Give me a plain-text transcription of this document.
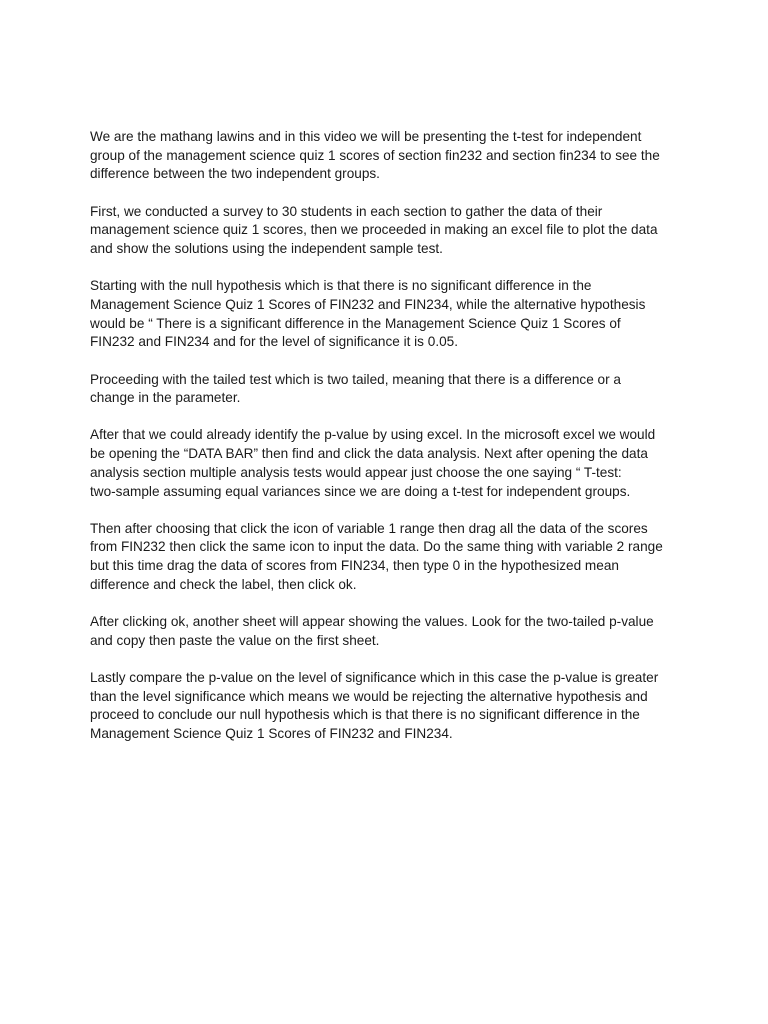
We are the mathang lawins and in this video we will be presenting the t-test for independent
group of the management science quiz 1 scores of section fin232 and section fin234 to see the
difference between the two independent groups.

First, we conducted a survey to 30 students in each section to gather the data of their
management science quiz 1 scores, then we proceeded in making an excel file to plot the data
and show the solutions using the independent sample test.

Starting with the null hypothesis which is that there is no significant difference in the
Management Science Quiz 1 Scores of FIN232 and FIN234, while the alternative hypothesis
would be “ There is a significant difference in the Management Science Quiz 1 Scores of
FIN232 and FIN234 and for the level of significance it is 0.05.

Proceeding with the tailed test which is two tailed, meaning that there is a difference or a
change in the parameter.

After that we could already identify the p-value by using excel. In the microsoft excel we would
be opening the “DATA BAR” then find and click the data analysis. Next after opening the data
analysis section multiple analysis tests would appear just choose the one saying “ T-test:
two-sample assuming equal variances since we are doing a t-test for independent groups.

Then after choosing that click the icon of variable 1 range then drag all the data of the scores
from FIN232 then click the same icon to input the data. Do the same thing with variable 2 range
but this time drag the data of scores from FIN234, then type 0 in the hypothesized mean
difference and check the label, then click ok.

After clicking ok, another sheet will appear showing the values. Look for the two-tailed p-value
and copy then paste the value on the first sheet.

Lastly compare the p-value on the level of significance which in this case the p-value is greater
than the level significance which means we would be rejecting the alternative hypothesis and
proceed to conclude our null hypothesis which is that there is no significant difference in the
Management Science Quiz 1 Scores of FIN232 and FIN234.
